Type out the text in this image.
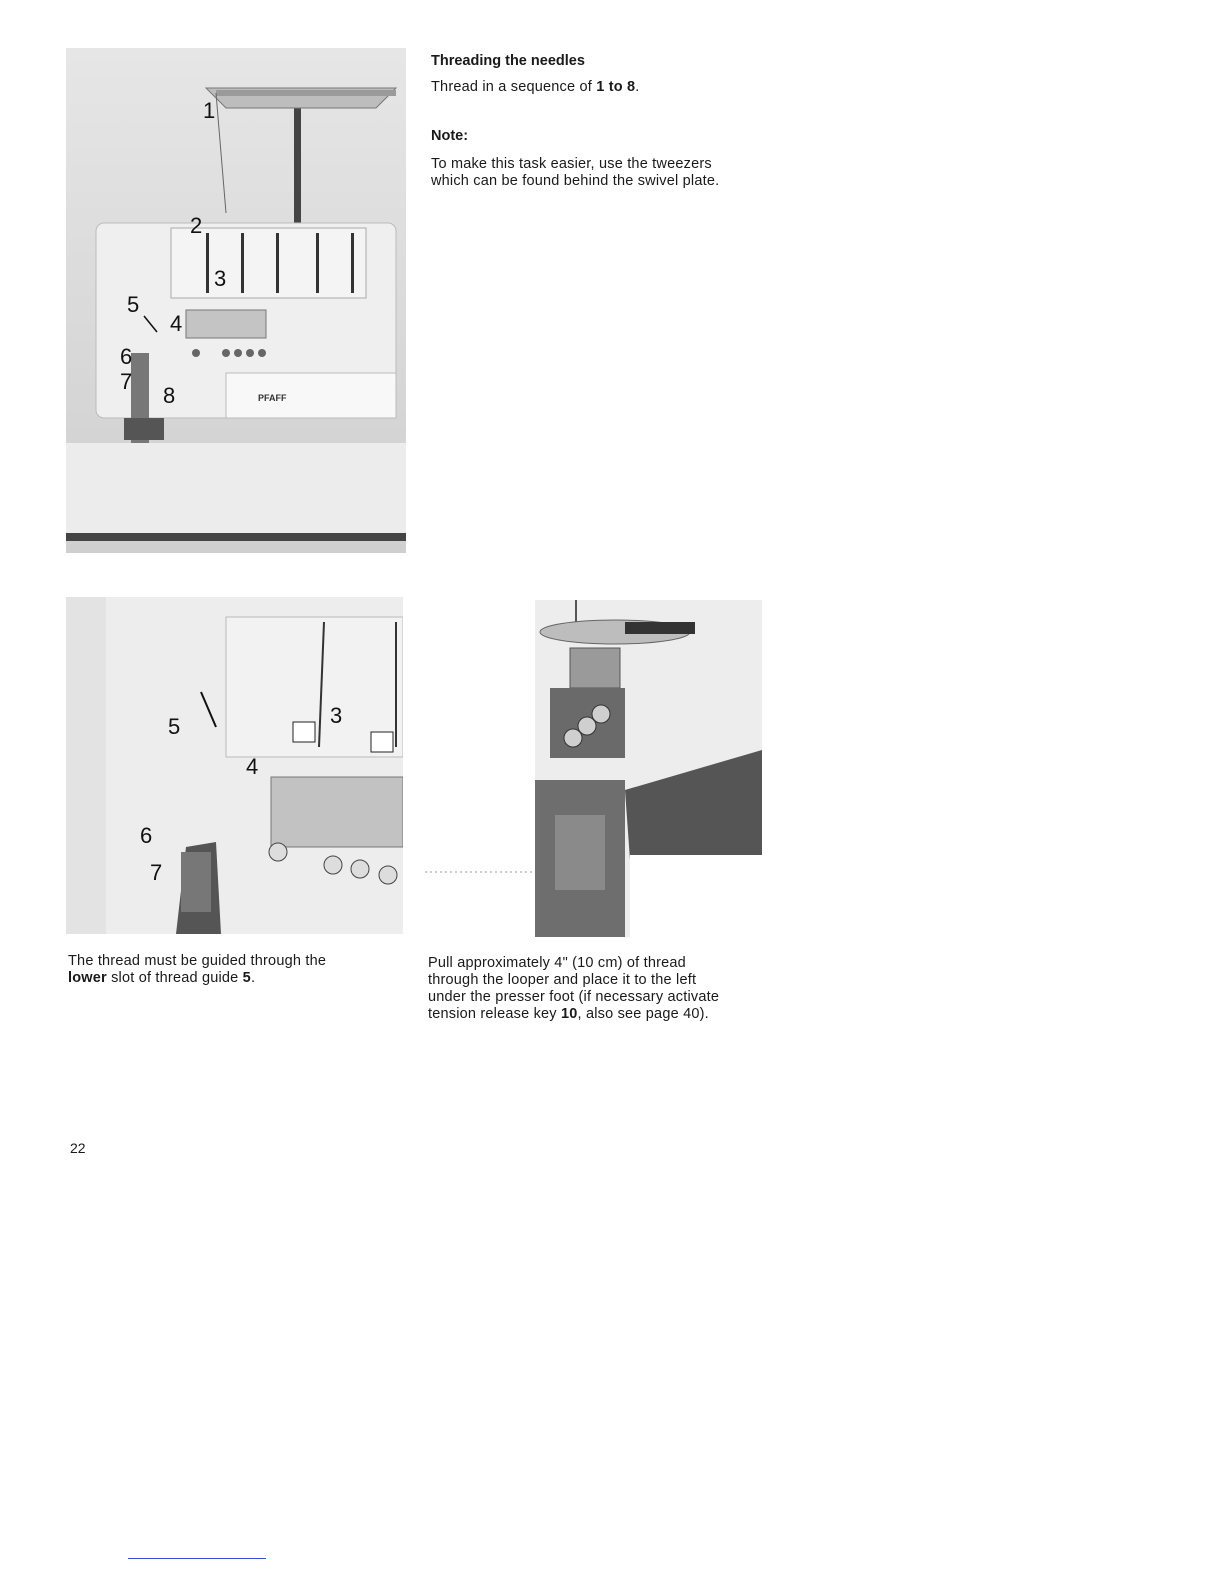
PFAFF
1
2
3
4
5
6
7
8
Threading the needles
Thread in a sequence of 1 to 8.
Note:
To make this task easier, use the tweezers
which can be found behind the swivel plate.
3
4
5
6
7
The thread must be guided through the
lower slot of thread guide 5.
Pull approximately 4" (10 cm) of thread
through the looper and place it to the left
under the presser foot (if necessary activate
tension release key 10, also see page 40).
22
